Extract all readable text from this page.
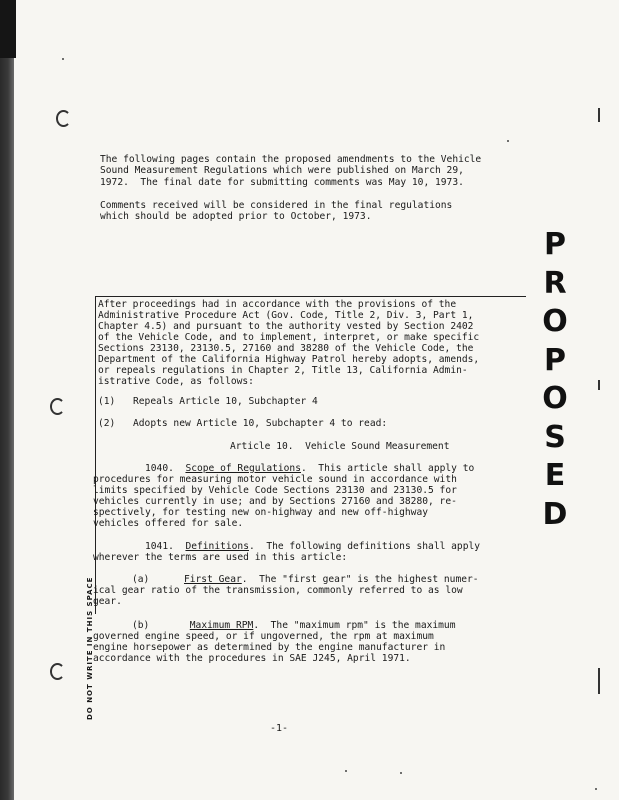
The following pages contain the proposed amendments to the Vehicle
Sound Measurement Regulations which were published on March 29,
1972.  The final date for submitting comments was May 10, 1973.
Comments received will be considered in the final regulations
which should be adopted prior to October, 1973.
P
R
O
P
O
S
E
D
After proceedings had in accordance with the provisions of the
Administrative Procedure Act (Gov. Code, Title 2, Div. 3, Part 1,
Chapter 4.5) and pursuant to the authority vested by Section 2402
of the Vehicle Code, and to implement, interpret, or make specific
Sections 23130, 23130.5, 27160 and 38280 of the Vehicle Code, the
Department of the California Highway Patrol hereby adopts, amends,
or repeals regulations in Chapter 2, Title 13, California Admin-
istrative Code, as follows:
(1) Repeals Article 10, Subchapter 4
(2) Adopts new Article 10, Subchapter 4 to read:
Article 10.  Vehicle Sound Measurement
1040. Scope of Regulations.  This article shall apply to
procedures for measuring motor vehicle sound in accordance with
limits specified by Vehicle Code Sections 23130 and 23130.5 for
vehicles currently in use; and by Sections 27160 and 38280, re-
spectively, for testing new on-highway and new off-highway
vehicles offered for sale.
1041. Definitions.  The following definitions shall apply
wherever the terms are used in this article:
(a)	First Gear.  The "first gear" is the highest numer-
ical gear ratio of the transmission, commonly referred to as low
gear.
(b)	Maximum RPM.  The "maximum rpm" is the maximum
governed engine speed, or if ungoverned, the rpm at maximum
engine horsepower as determined by the engine manufacturer in
accordance with the procedures in SAE J245, April 1971.
DO NOT WRITE IN THIS SPACE
-1-
